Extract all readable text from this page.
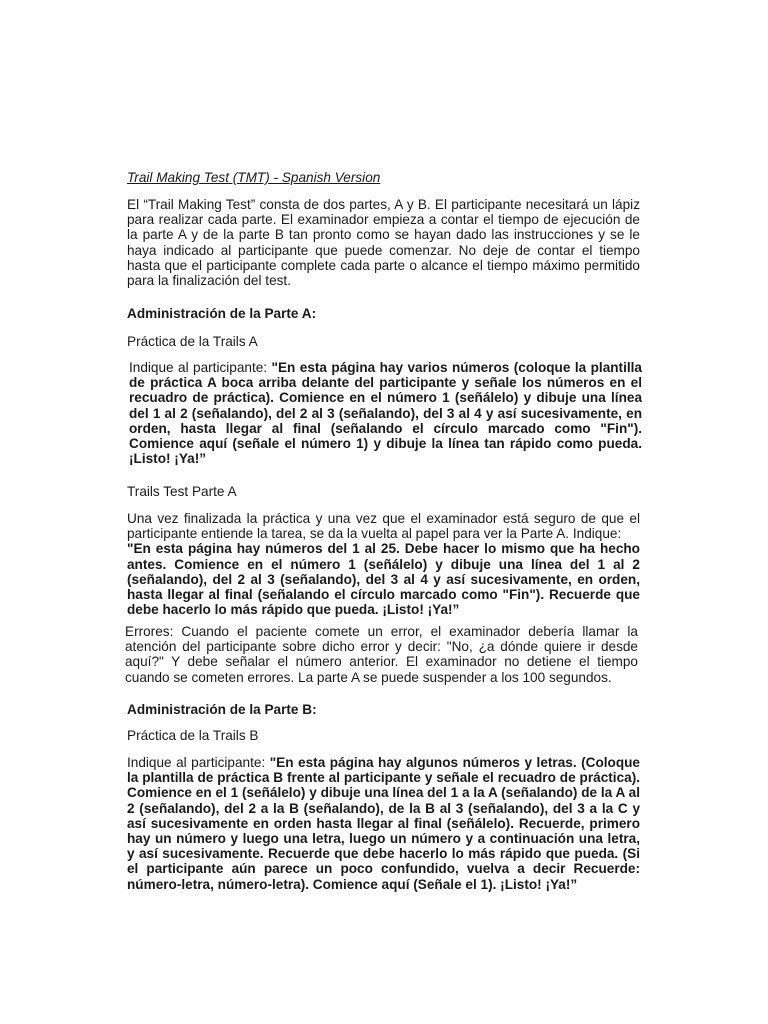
Trail Making Test (TMT) - Spanish Version

El “Trail Making Test” consta de dos partes, A y B. El participante necesitará un lápiz para realizar cada parte. El examinador empieza a contar el tiempo de ejecución de la parte A y de la parte B tan pronto como se hayan dado las instrucciones y se le haya indicado al participante que puede comenzar. No deje de contar el tiempo hasta que el participante complete cada parte o alcance el tiempo máximo permitido para la finalización del test.

Administración de la Parte A:

Práctica de la Trails A

Indique al participante: "En esta página hay varios números (coloque la plantilla de práctica A boca arriba delante del participante y señale los números en el recuadro de práctica). Comience en el número 1 (señálelo) y dibuje una línea del 1 al 2 (señalando), del 2 al 3 (señalando), del 3 al 4 y así sucesivamente, en orden, hasta llegar al final (señalando el círculo marcado como "Fin"). Comience aquí (señale el número 1) y dibuje la línea tan rápido como pueda. ¡Listo! ¡Ya!”

Trails Test Parte A

Una vez finalizada la práctica y una vez que el examinador está seguro de que el participante entiende la tarea, se da la vuelta al papel para ver la Parte A. Indique:
"En esta página hay números del 1 al 25. Debe hacer lo mismo que ha hecho antes. Comience en el número 1 (señálelo) y dibuje una línea del 1 al 2 (señalando), del 2 al 3 (señalando), del 3 al 4 y así sucesivamente, en orden, hasta llegar al final (señalando el círculo marcado como "Fin"). Recuerde que debe hacerlo lo más rápido que pueda. ¡Listo! ¡Ya!”

Errores: Cuando el paciente comete un error, el examinador debería llamar la atención del participante sobre dicho error y decir: "No, ¿a dónde quiere ir desde aquí?" Y debe señalar el número anterior. El examinador no detiene el tiempo cuando se cometen errores. La parte A se puede suspender a los 100 segundos.

Administración de la Parte B:

Práctica de la Trails B

Indique al participante: "En esta página hay algunos números y letras. (Coloque la plantilla de práctica B frente al participante y señale el recuadro de práctica). Comience en el 1 (señálelo) y dibuje una línea del 1 a la A (señalando) de la A al 2 (señalando), del 2 a la B (señalando), de la B al 3 (señalando), del 3 a la C y así sucesivamente en orden hasta llegar al final (señálelo). Recuerde, primero hay un número y luego una letra, luego un número y a continuación una letra, y así sucesivamente. Recuerde que debe hacerlo lo más rápido que pueda. (Si el participante aún parece un poco confundido, vuelva a decir Recuerde: número-letra, número-letra). Comience aquí (Señale el 1). ¡Listo! ¡Ya!”
